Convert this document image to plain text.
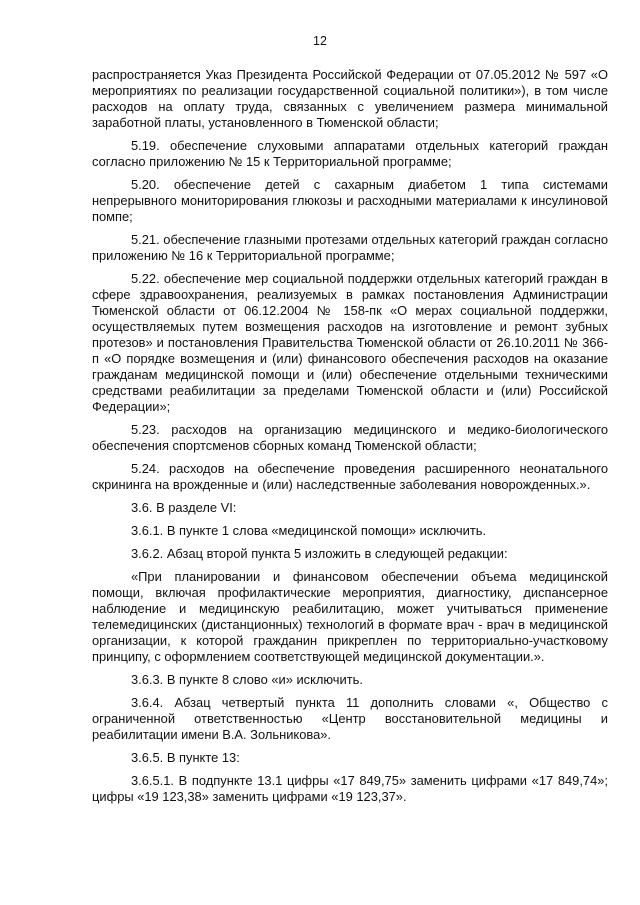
12

распространяется Указ Президента Российской Федерации от 07.05.2012 № 597 «О мероприятиях по реализации государственной социальной политики»), в том числе расходов на оплату труда, связанных с увеличением размера минимальной заработной платы, установленного в Тюменской области;

5.19. обеспечение слуховыми аппаратами отдельных категорий граждан согласно приложению № 15 к Территориальной программе;

5.20. обеспечение детей с сахарным диабетом 1 типа системами непрерывного мониторирования глюкозы и расходными материалами к инсулиновой помпе;

5.21. обеспечение глазными протезами отдельных категорий граждан согласно приложению № 16 к Территориальной программе;

5.22. обеспечение мер социальной поддержки отдельных категорий граждан в сфере здравоохранения, реализуемых в рамках постановления Администрации Тюменской области от 06.12.2004 № 158-пк «О мерах социальной поддержки, осуществляемых путем возмещения расходов на изготовление и ремонт зубных протезов» и постановления Правительства Тюменской области от 26.10.2011 № 366-п «О порядке возмещения и (или) финансового обеспечения расходов на оказание гражданам медицинской помощи и (или) обеспечение отдельными техническими средствами реабилитации за пределами Тюменской области и (или) Российской Федерации»;

5.23. расходов на организацию медицинского и медико-биологического обеспечения спортсменов сборных команд Тюменской области;

5.24. расходов на обеспечение проведения расширенного неонатального скрининга на врожденные и (или) наследственные заболевания новорожденных.».

3.6. В разделе VI:

3.6.1. В пункте 1 слова «медицинской помощи» исключить.

3.6.2. Абзац второй пункта 5 изложить в следующей редакции:

«При планировании и финансовом обеспечении объема медицинской помощи, включая профилактические мероприятия, диагностику, диспансерное наблюдение и медицинскую реабилитацию, может учитываться применение телемедицинских (дистанционных) технологий в формате врач - врач в медицинской организации, к которой гражданин прикреплен по территориально-участковому принципу, с оформлением соответствующей медицинской документации.».

3.6.3. В пункте 8 слово «и» исключить.

3.6.4. Абзац четвертый пункта 11 дополнить словами «, Общество с ограниченной ответственностью «Центр восстановительной медицины и реабилитации имени В.А. Зольникова».

3.6.5. В пункте 13:

3.6.5.1. В подпункте 13.1 цифры «17 849,75» заменить цифрами «17 849,74»; цифры «19 123,38» заменить цифрами «19 123,37».
